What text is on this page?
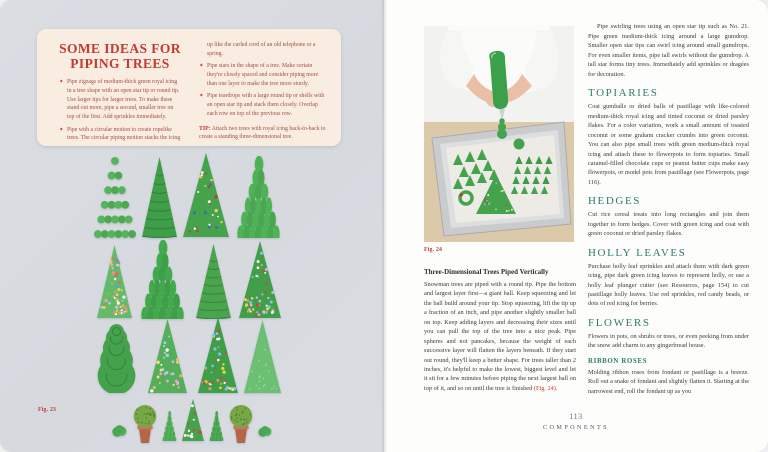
SOME IDEAS FOR
PIPING TREES
✦ Pipe zigzags of medium-thick green royal icing in a tree shape with an open star tip or round tip. Use larger tips for larger trees. To make these stand out more, pipe a second, smaller tree on top of the first. Add sprinkles immediately.
✦ Pipe with a circular motion to create ropelike trees. The circular piping motion stacks the icing

up like the curled cord of an old telephone or a spring.

✦ Pipe stars in the shape of a tree. Make certain they're closely spaced and consider piping more than one layer to make the tree more sturdy.
✦ Pipe teardrops with a large round tip or shells with an open star tip and stack them closely. Overlap each row on top of the previous row.

TIP: Attach two trees with royal icing back-to-back to create a standing three-dimensional tree.

Fig. 23
Fig. 24
Three-Dimensional Trees Piped Vertically

Snowman trees are piped with a round tip. Pipe the bottom and largest layer first—a giant ball. Keep squeezing and let the ball build around your tip. Stop squeezing, lift the tip up a fraction of an inch, and pipe another slightly smaller ball on top. Keep adding layers and decreasing their sizes until you can pull the top of the tree into a nice peak. Pipe spheres and not pancakes, because the weight of each successive layer will flatten the layers beneath. If they start out round, they'll keep a better shape. For trees taller than 2 inches, it's helpful to make the lowest, biggest level and let it sit for a few minutes before piping the next largest ball on top of it, and so on until the tree is finished (Fig. 24).

Pipe swirling trees using an open star tip such as No. 21. Pipe green medium-thick icing around a large gumdrop. Smaller open star tips can swirl icing around small gumdrops. For even smaller items, pipe tall swirls without the gumdrop. A tall star forms tiny trees. Immediately add sprinkles or dragées for decoration.

TOPIARIES

Coat gumballs or dried balls of pastillage with like-colored medium-thick royal icing and tinted coconut or dried parsley flakes. For a color variation, work a small amount of toasted coconut or some graham cracker crumbs into green coconut. You can also pipe small trees with green medium-thick royal icing and attach these to flowerpots to form topiaries. Small caramel-filled chocolate cups or peanut butter cups make easy flowerpots, or model pots from pastillage (see Flowerpots, page 116).

HEDGES

Cut rice cereal treats into long rectangles and join them together to form hedges. Cover with green icing and coat with green coconut or dried parsley flakes.

HOLLY LEAVES

Purchase holly leaf sprinkles and attach them with dark green icing, pipe dark green icing leaves to represent holly, or use a holly leaf plunger cutter (see Resources, page 154) to cut pastillage holly leaves. Use red sprinkles, red candy beads, or dots of red icing for berries.

FLOWERS

Flowers in pots, on shrubs or trees, or even peeking from under the snow add charm to any gingerbread house.

RIBBON ROSES

Molding ribbon roses from fondant or pastillage is a breeze. Roll out a snake of fondant and slightly flatten it. Starting at the narrowest end, roll the fondant up as you

113
COMPONENTS
